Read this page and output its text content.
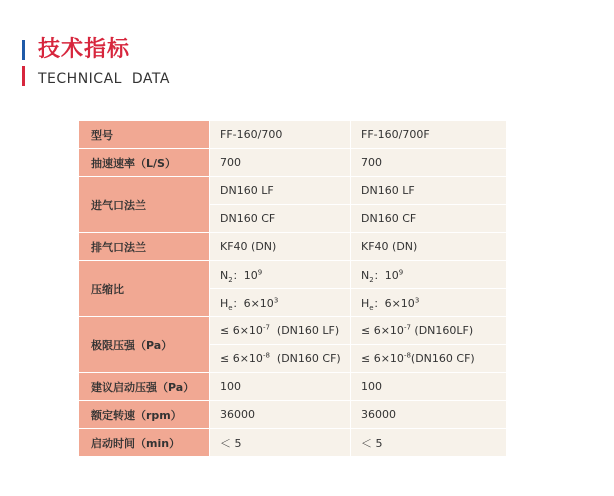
技术指标
TECHNICAL  DATA
型号	FF-160/700	FF-160/700F
抽速速率（L/S）	700	700
进气口法兰	DN160 LF	DN160 LF
	DN160 CF	DN160 CF
排气口法兰	KF40 (DN)	KF40 (DN)
压缩比	$N_2$：$10^9$	$N_2$：$10^9$
	$H_e$：$6\times 10^3$	$H_e$：$6\times 10^3$
极限压强（Pa）	≤ $6\times 10^{-7}$  (DN160 LF)	≤ $6\times 10^{-7}$ (DN160LF)
	≤ $6\times 10^{-8}$  (DN160 CF)	≤ $6\times 10^{-8}(DN160$ CF)
建议启动压强（Pa）	100	100
额定转速（rpm）	36000	36000
启动时间（min）	＜ 5	＜ 5
